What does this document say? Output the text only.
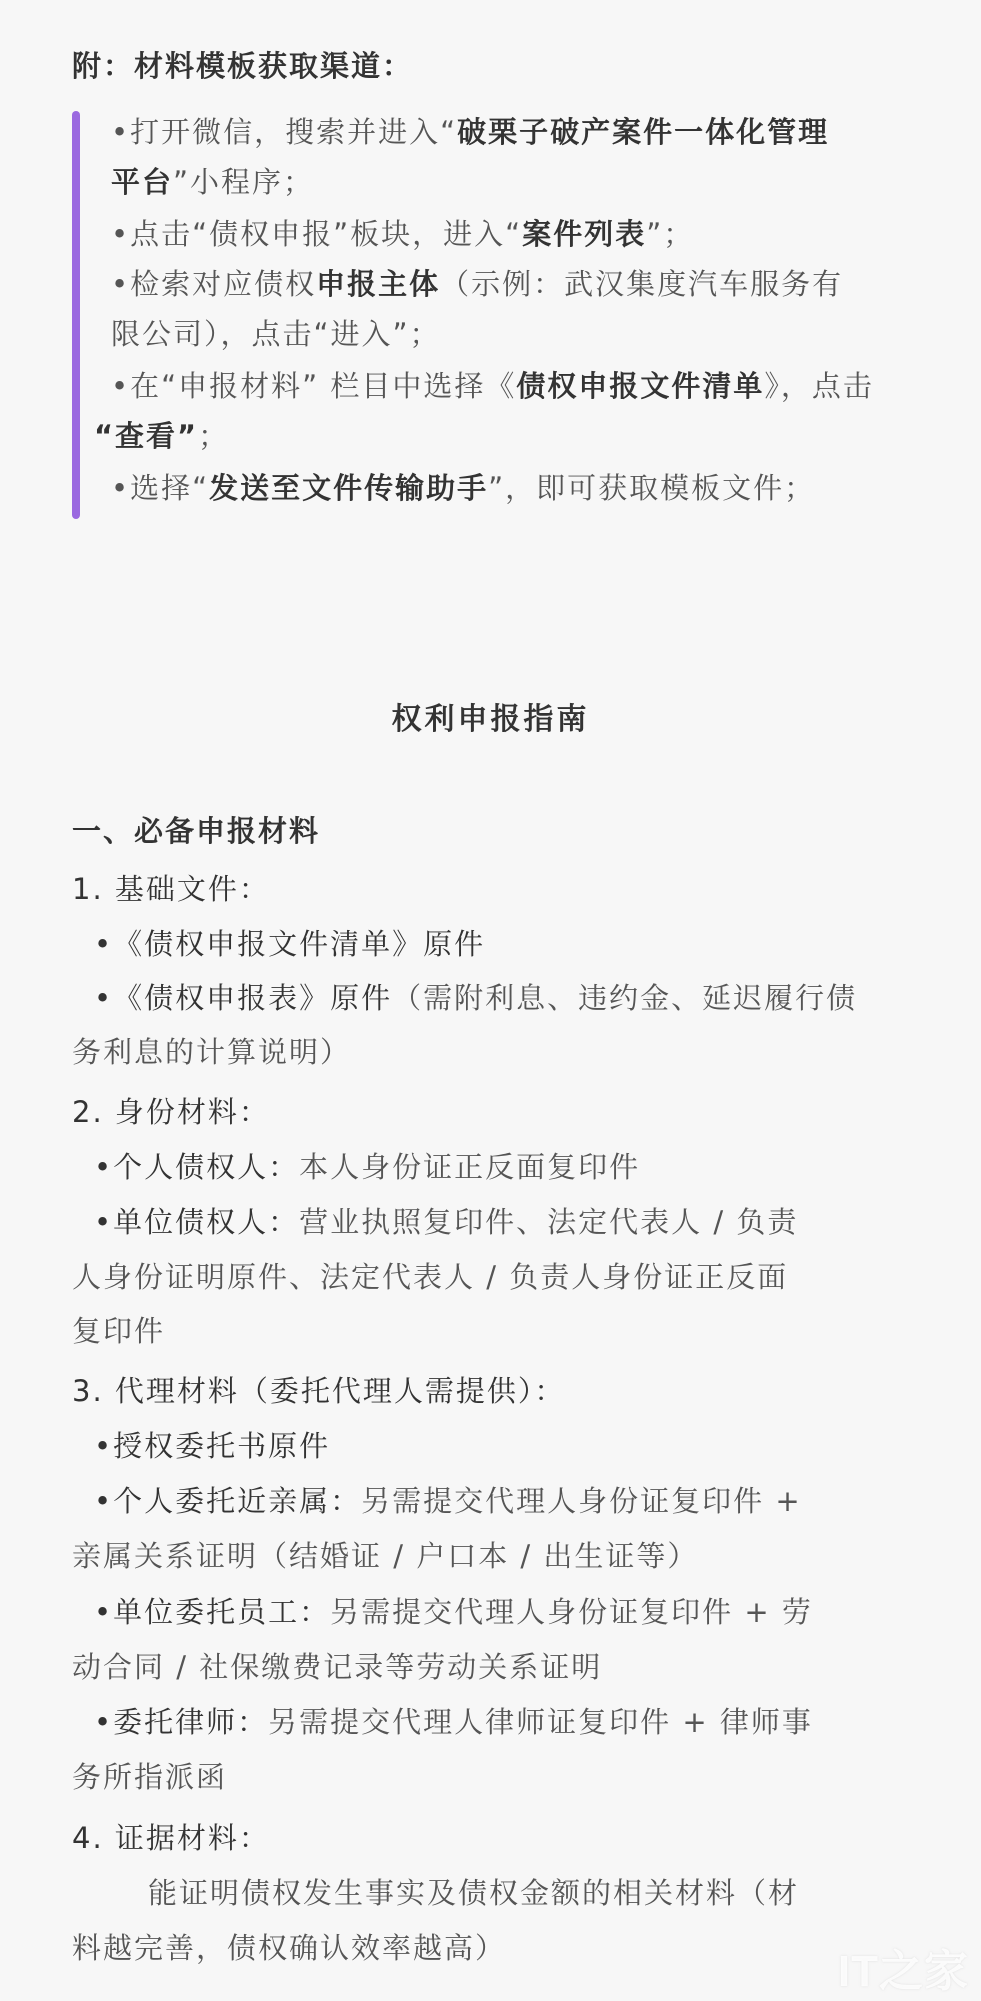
附：材料模板获取渠道：

•打开微信，搜索并进入“破栗子破产案件一体化管理

平台”小程序；

•点击“债权申报”板块，进入“案件列表”；

•检索对应债权申报主体（示例：武汉集度汽车服务有

限公司），点击“进入”；

•在“申报材料” 栏目中选择《债权申报文件清单》，点击

“查看”；

•选择“发送至文件传输助手”，即可获取模板文件；

权利申报指南

一、必备申报材料

1. 基础文件：

•《债权申报文件清单》原件

•《债权申报表》原件（需附利息、违约金、延迟履行债

务利息的计算说明）

2. 身份材料：

•个人债权人：本人身份证正反面复印件

•单位债权人：营业执照复印件、法定代表人 / 负责

人身份证明原件、法定代表人 / 负责人身份证正反面

复印件

3. 代理材料（委托代理人需提供）：

•授权委托书原件

•个人委托近亲属：另需提交代理人身份证复印件 +

亲属关系证明（结婚证 / 户口本 / 出生证等）

•单位委托员工：另需提交代理人身份证复印件 + 劳

动合同 / 社保缴费记录等劳动关系证明

•委托律师：另需提交代理人律师证复印件 + 律师事

务所指派函

4. 证据材料：

能证明债权发生事实及债权金额的相关材料（材

料越完善，债权确认效率越高）	IT之家
